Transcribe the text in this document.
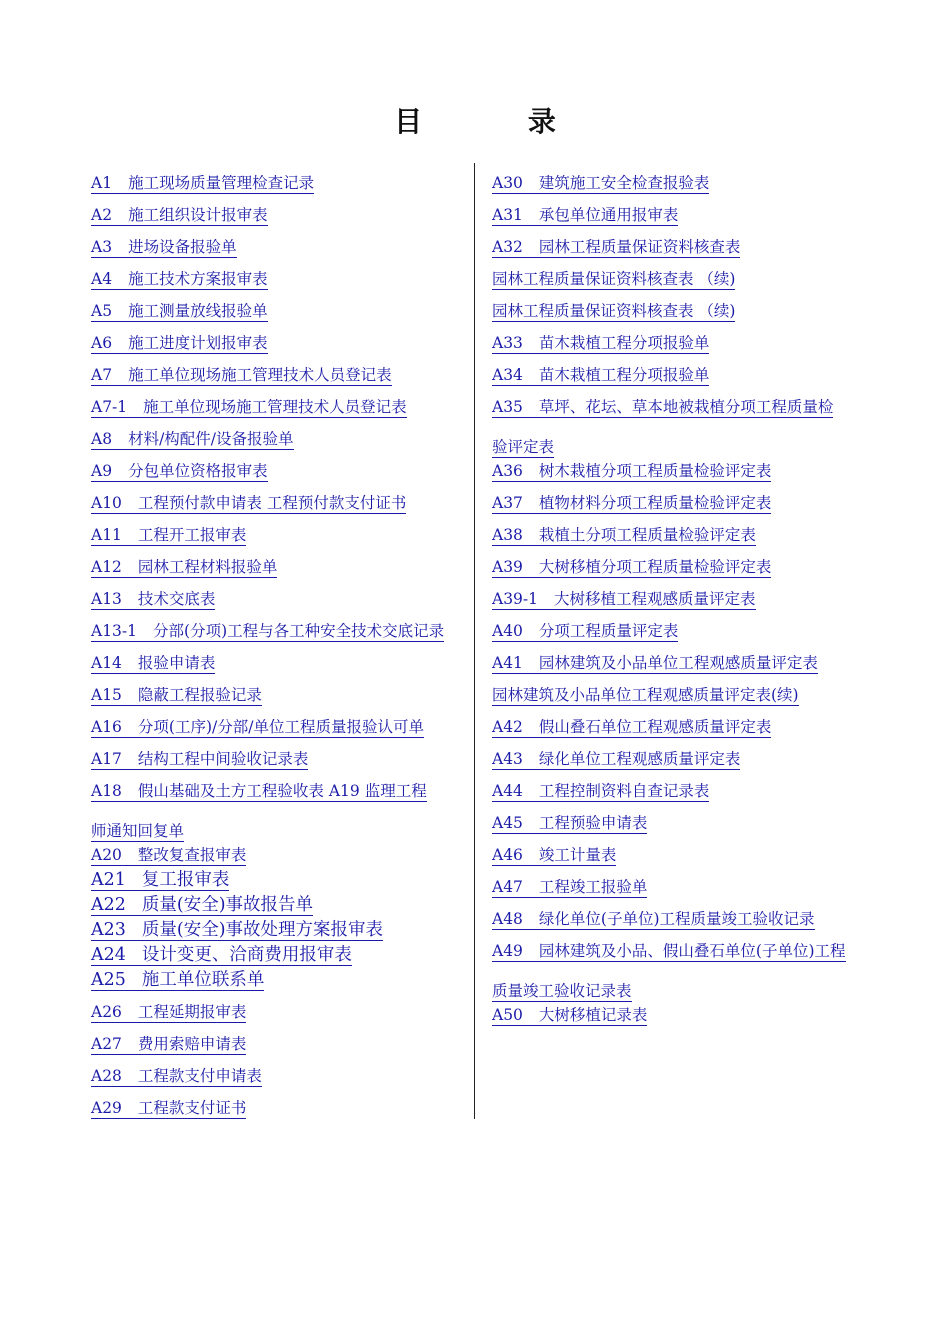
目 录
A1 施工现场质量管理检查记录
A2 施工组织设计报审表
A3 进场设备报验单
A4 施工技术方案报审表
A5 施工测量放线报验单
A6 施工进度计划报审表
A7 施工单位现场施工管理技术人员登记表
A7-1 施工单位现场施工管理技术人员登记表
A8 材料/构配件/设备报验单
A9 分包单位资格报审表
A10 工程预付款申请表 工程预付款支付证书
A11 工程开工报审表
A12 园林工程材料报验单
A13 技术交底表
A13-1 分部(分项)工程与各工种安全技术交底记录
A14 报验申请表
A15 隐蔽工程报验记录
A16 分项(工序)/分部/单位工程质量报验认可单
A17 结构工程中间验收记录表
A18 假山基础及土方工程验收表 A19 监理工程
师通知回复单
A20 整改复查报审表
A21 复工报审表
A22 质量(安全)事故报告单
A23 质量(安全)事故处理方案报审表
A24 设计变更、洽商费用报审表
A25 施工单位联系单
A26 工程延期报审表
A27 费用索赔申请表
A28 工程款支付申请表
A29 工程款支付证书
A30 建筑施工安全检查报验表
A31 承包单位通用报审表
A32 园林工程质量保证资料核查表
园林工程质量保证资料核查表 （续)
园林工程质量保证资料核查表 （续)
A33 苗木栽植工程分项报验单
A34 苗木栽植工程分项报验单
A35 草坪、花坛、草本地被栽植分项工程质量检
验评定表
A36 树木栽植分项工程质量检验评定表
A37 植物材料分项工程质量检验评定表
A38 栽植土分项工程质量检验评定表
A39 大树移植分项工程质量检验评定表
A39-1 大树移植工程观感质量评定表
A40 分项工程质量评定表
A41 园林建筑及小品单位工程观感质量评定表
园林建筑及小品单位工程观感质量评定表(续)
A42 假山叠石单位工程观感质量评定表
A43 绿化单位工程观感质量评定表
A44 工程控制资料自查记录表
A45 工程预验申请表
A46 竣工计量表
A47 工程竣工报验单
A48 绿化单位(子单位)工程质量竣工验收记录
A49 园林建筑及小品、假山叠石单位(子单位)工程
质量竣工验收记录表
A50 大树移植记录表
